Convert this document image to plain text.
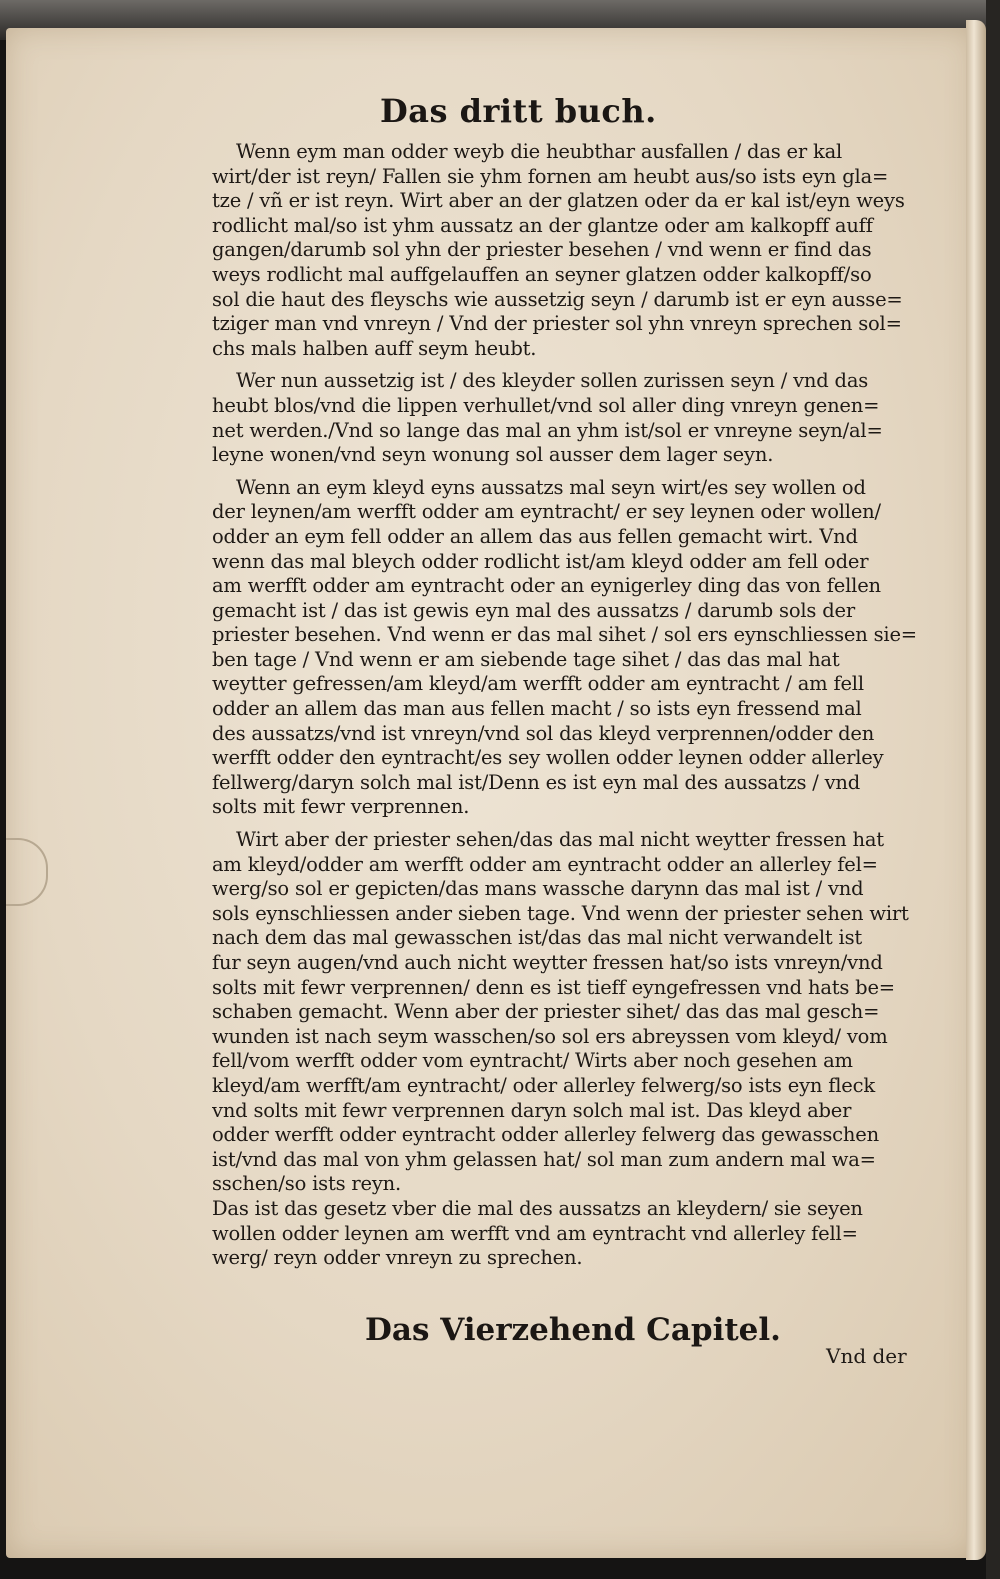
Das dritt buch.
Wenn eym man odder weyb die heubthar ausfallen / das er kal
wirt/der ist reyn/ Fallen sie yhm fornen am heubt aus/so ists eyn gla=
tze / vñ er ist reyn. Wirt aber an der glatzen oder da er kal ist/eyn weys
rodlicht mal/so ist yhm aussatz an der glantze oder am kalkopff auff
gangen/darumb sol yhn der priester besehen / vnd wenn er find das
weys rodlicht mal auffgelauffen an seyner glatzen odder kalkopff/so
sol die haut des fleyschs wie aussetzig seyn / darumb ist er eyn ausse=
tziger man vnd vnreyn / Vnd der priester sol yhn vnreyn sprechen sol=
chs mals halben auff seym heubt.
Wer nun aussetzig ist / des kleyder sollen zurissen seyn / vnd das
heubt blos/vnd die lippen verhullet/vnd sol aller ding vnreyn genen=
net werden./Vnd so lange das mal an yhm ist/sol er vnreyne seyn/al=
leyne wonen/vnd seyn wonung sol ausser dem lager seyn.
Wenn an eym kleyd eyns aussatzs mal seyn wirt/es sey wollen od
der leynen/am werfft odder am eyntracht/ er sey leynen oder wollen/
odder an eym fell odder an allem das aus fellen gemacht wirt. Vnd
wenn das mal bleych odder rodlicht ist/am kleyd odder am fell oder
am werfft odder am eyntracht oder an eynigerley ding das von fellen
gemacht ist / das ist gewis eyn mal des aussatzs / darumb sols der
priester besehen. Vnd wenn er das mal sihet / sol ers eynschliessen sie=
ben tage / Vnd wenn er am siebende tage sihet / das das mal hat
weytter gefressen/am kleyd/am werfft odder am eyntracht / am fell
odder an allem das man aus fellen macht / so ists eyn fressend mal
des aussatzs/vnd ist vnreyn/vnd sol das kleyd verprennen/odder den
werfft odder den eyntracht/es sey wollen odder leynen odder allerley
fellwerg/daryn solch mal ist/Denn es ist eyn mal des aussatzs / vnd
solts mit fewr verprennen.
Wirt aber der priester sehen/das das mal nicht weytter fressen hat
am kleyd/odder am werfft odder am eyntracht odder an allerley fel=
werg/so sol er gepicten/das mans wassche darynn das mal ist / vnd
sols eynschliessen ander sieben tage. Vnd wenn der priester sehen wirt
nach dem das mal gewasschen ist/das das mal nicht verwandelt ist
fur seyn augen/vnd auch nicht weytter fressen hat/so ists vnreyn/vnd
solts mit fewr verprennen/ denn es ist tieff eyngefressen vnd hats be=
schaben gemacht. Wenn aber der priester sihet/ das das mal gesch=
wunden ist nach seym wasschen/so sol ers abreyssen vom kleyd/ vom
fell/vom werfft odder vom eyntracht/ Wirts aber noch gesehen am
kleyd/am werfft/am eyntracht/ oder allerley felwerg/so ists eyn fleck
vnd solts mit fewr verprennen daryn solch mal ist. Das kleyd aber
odder werfft odder eyntracht odder allerley felwerg das gewasschen
ist/vnd das mal von yhm gelassen hat/ sol man zum andern mal wa=
sschen/so ists reyn.
Das ist das gesetz vber die mal des aussatzs an kleydern/ sie seyen
wollen odder leynen am werfft vnd am eyntracht vnd allerley fell=
werg/ reyn odder vnreyn zu sprechen.
Das Vierzehend Capitel.
Vnd der
